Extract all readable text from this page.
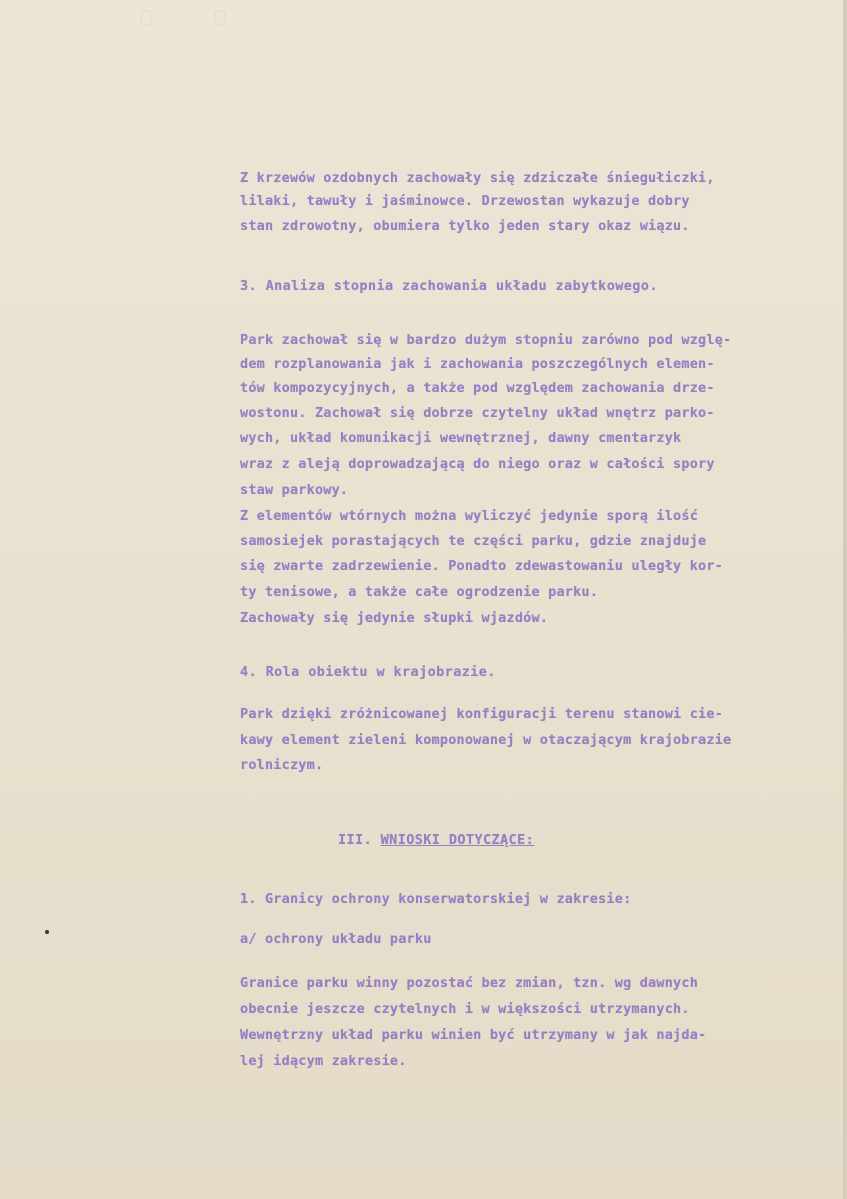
Z krzewów ozdobnych zachowały się zdziczałe śniegułiczki,
lilaki, tawuły i jaśminowce. Drzewostan wykazuje dobry
stan zdrowotny, obumiera tylko jeden stary okaz wiązu.
3. Analiza stopnia zachowania układu zabytkowego.
Park zachował się w bardzo dużym stopniu zarówno pod wzglę-
dem rozplanowania jak i zachowania poszczególnych elemen-
tów kompozycyjnych, a także pod względem zachowania drze-
wostonu. Zachował się dobrze czytelny układ wnętrz parko-
wych, układ komunikacji wewnętrznej, dawny cmentarzyk
wraz z aleją doprowadzającą do niego oraz w całości spory
staw parkowy.
Z elementów wtórnych można wyliczyć jedynie sporą ilość
samosiejek porastających te części parku, gdzie znajduje
się zwarte zadrzewienie. Ponadto zdewastowaniu uległy kor-
ty tenisowe, a także całe ogrodzenie parku.
Zachowały się jedynie słupki wjazdów.
4. Rola obiektu w krajobrazie.
Park dzięki zróżnicowanej konfiguracji terenu stanowi cie-
kawy element zieleni komponowanej w otaczającym krajobrazie
rolniczym.
III. WNIOSKI DOTYCZĄCE:
1. Granicy ochrony konserwatorskiej w zakresie:
a/ ochrony układu parku
Granice parku winny pozostać bez zmian, tzn. wg dawnych
obecnie jeszcze czytelnych i w większości utrzymanych.
Wewnętrzny układ parku winien być utrzymany w jak najda-
lej idącym zakresie.
